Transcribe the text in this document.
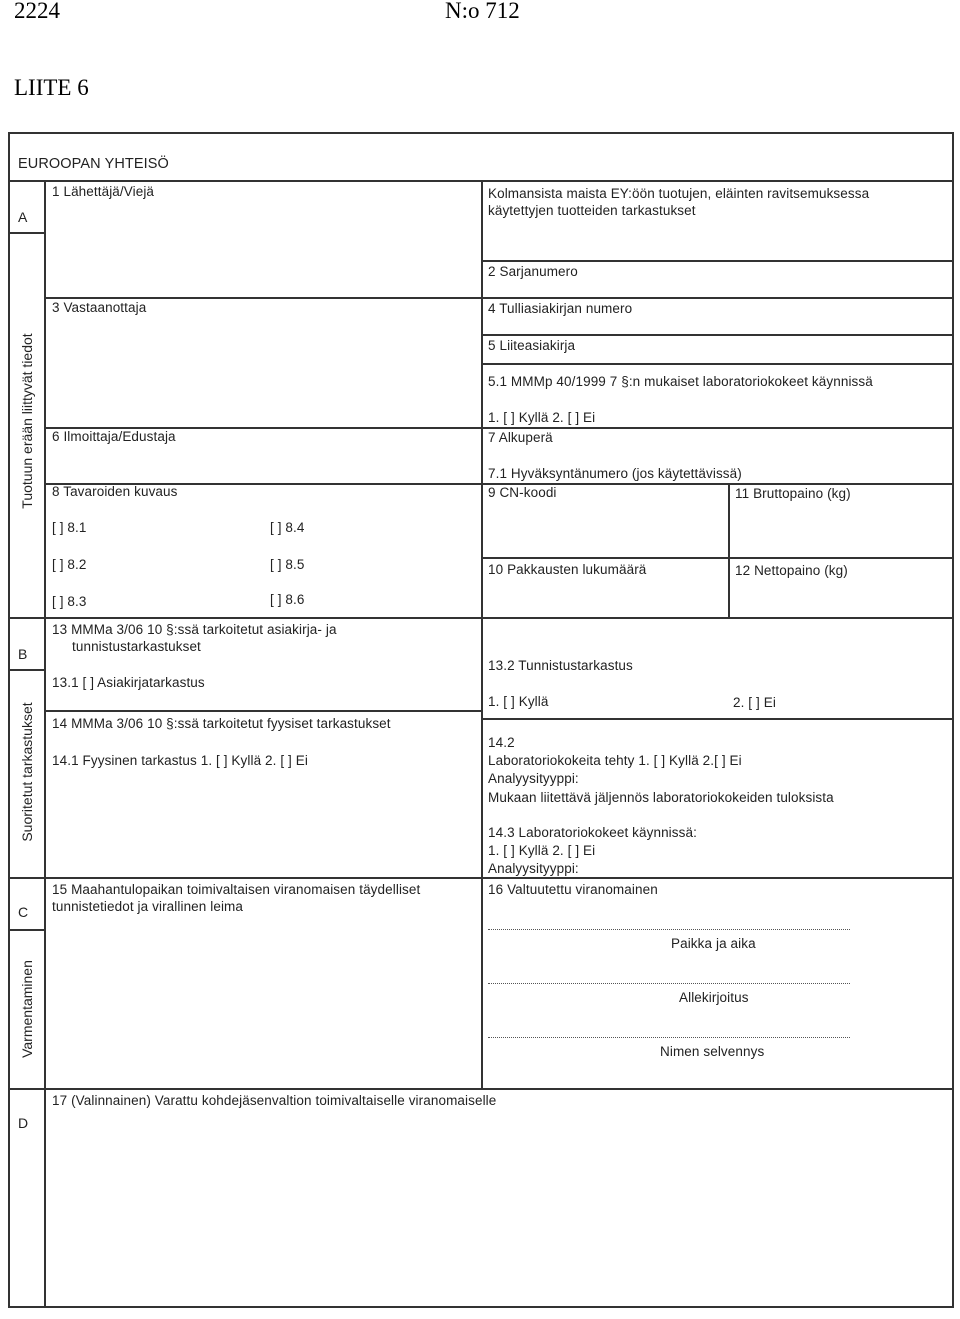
2224	N:o 712
LIITE 6
EUROOPAN YHTEISÖ
A
B
C
D
Tuotuun erään liittyvät tiedot
Suoritetut tarkastukset
Varmentaminen
1 Lähettäjä/Viejä	Kolmansista maista EY:öön tuotujen, eläinten ravitsemuksessa
käytettyjen tuotteiden tarkastukset
2 Sarjanumero
3 Vastaanottaja	4 Tulliasiakirjan numero
5 Liiteasiakirja
5.1 MMMp 40/1999 7 §:n mukaiset laboratoriokokeet käynnissä
1. [ ] Kyllä 2. [ ] Ei
6 Ilmoittaja/Edustaja	7 Alkuperä
7.1 Hyväksyntänumero (jos käytettävissä)
8 Tavaroiden kuvaus	9 CN-koodi	11 Bruttopaino (kg)
[ ] 8.1	[ ] 8.4
[ ] 8.2	[ ] 8.5
[ ] 8.3	[ ] 8.6
10 Pakkausten lukumäärä	12 Nettopaino (kg)
13 MMMa 3/06 10 §:ssä tarkoitetut asiakirja- ja
tunnistustarkastukset
13.1 [ ] Asiakirjatarkastus
13.2 Tunnistustarkastus
1. [ ] Kyllä	2. [ ] Ei
14 MMMa 3/06 10 §:ssä tarkoitetut fyysiset tarkastukset
14.1 Fyysinen tarkastus 1. [ ] Kyllä 2. [ ] Ei
14.2
Laboratoriokokeita tehty 1. [ ] Kyllä 2.[ ] Ei
Analyysityyppi:
Mukaan liitettävä jäljennös laboratoriokokeiden tuloksista
14.3 Laboratoriokokeet käynnissä:
1. [ ] Kyllä 2. [ ] Ei
Analyysityyppi:
15 Maahantulopaikan toimivaltaisen viranomaisen täydelliset
tunnistetiedot ja virallinen leima
16 Valtuutettu viranomainen
Paikka ja aika
Allekirjoitus
Nimen selvennys
17 (Valinnainen) Varattu kohdejäsenvaltion toimivaltaiselle viranomaiselle
